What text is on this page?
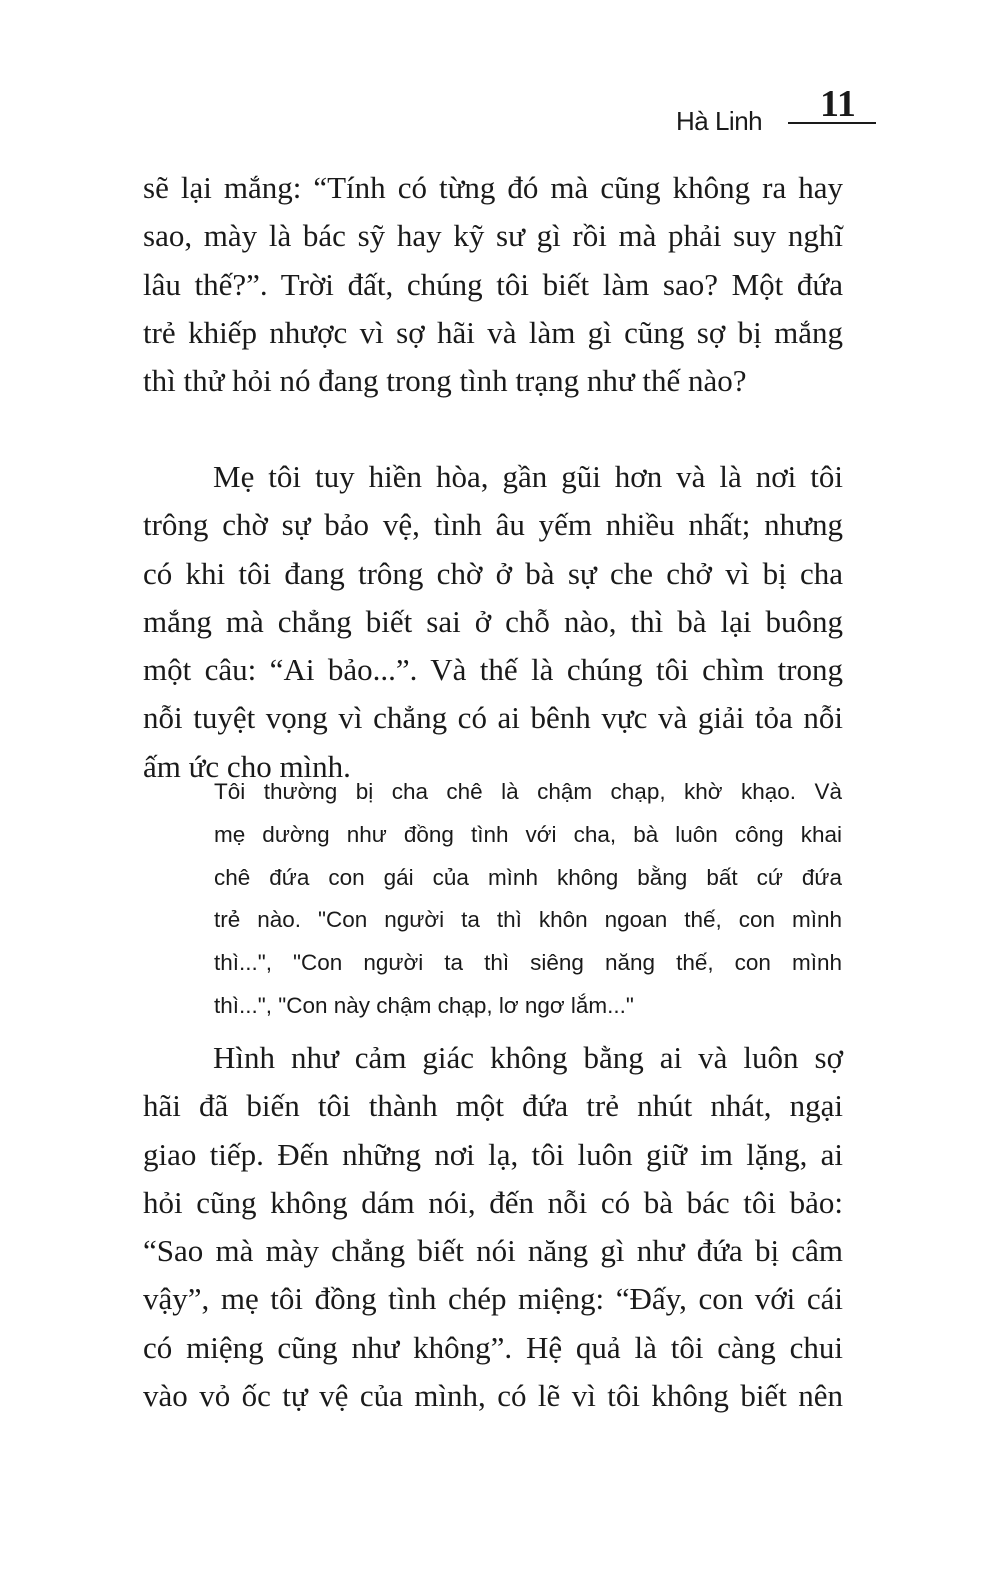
Hà Linh 11
sẽ lại mắng: “Tính có từng đó mà cũng không ra hay
sao, mày là bác sỹ hay kỹ sư gì rồi mà phải suy nghĩ
lâu thế?”. Trời đất, chúng tôi biết làm sao? Một đứa
trẻ khiếp nhược vì sợ hãi và làm gì cũng sợ bị mắng
thì thử hỏi nó đang trong tình trạng như thế nào?
Mẹ tôi tuy hiền hòa, gần gũi hơn và là nơi tôi
trông chờ sự bảo vệ, tình âu yếm nhiều nhất; nhưng
có khi tôi đang trông chờ ở bà sự che chở vì bị cha
mắng mà chẳng biết sai ở chỗ nào, thì bà lại buông
một câu: “Ai bảo...”. Và thế là chúng tôi chìm trong
nỗi tuyệt vọng vì chẳng có ai bênh vực và giải tỏa nỗi
ấm ức cho mình.
Tôi thường bị cha chê là chậm chạp, khờ khạo. Và
mẹ dường như đồng tình với cha, bà luôn công khai
chê đứa con gái của mình không bằng bất cứ đứa
trẻ nào. "Con người ta thì khôn ngoan thế, con mình
thì...", "Con người ta thì siêng năng thế, con mình
thì...", "Con này chậm chạp, lơ ngơ lắm..."
Hình như cảm giác không bằng ai và luôn sợ
hãi đã biến tôi thành một đứa trẻ nhút nhát, ngại
giao tiếp. Đến những nơi lạ, tôi luôn giữ im lặng, ai
hỏi cũng không dám nói, đến nỗi có bà bác tôi bảo:
“Sao mà mày chẳng biết nói năng gì như đứa bị câm
vậy”, mẹ tôi đồng tình chép miệng: “Đấy, con với cái
có miệng cũng như không”. Hệ quả là tôi càng chui
vào vỏ ốc tự vệ của mình, có lẽ vì tôi không biết nên
